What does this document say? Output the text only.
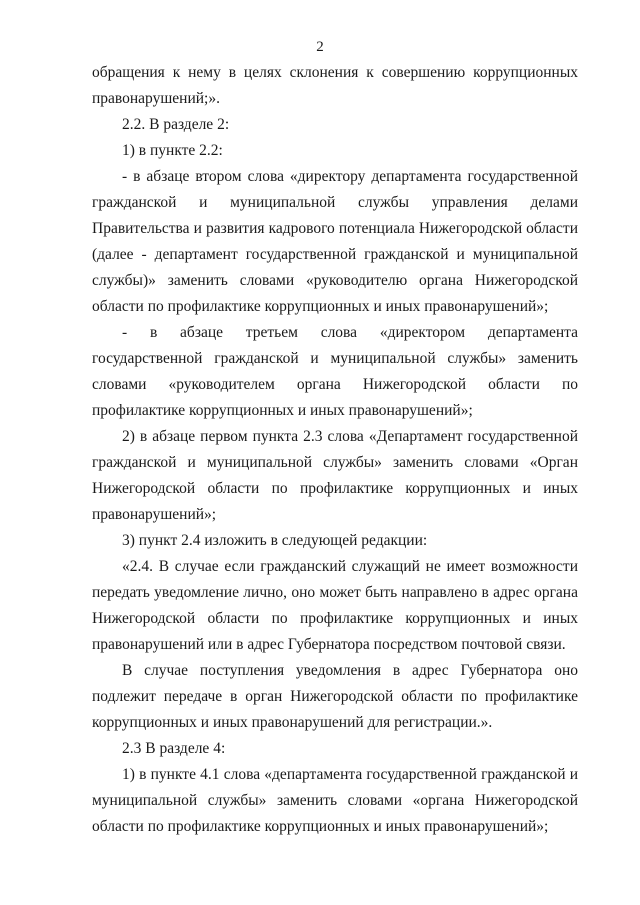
2

обращения к нему в целях склонения к совершению коррупционных правонарушений;».

2.2. В разделе 2:

1) в пункте 2.2:

- в абзаце втором слова «директору департамента государственной гражданской и муниципальной службы управления делами Правительства и развития кадрового потенциала Нижегородской области (далее - департамент государственной гражданской и муниципальной службы)» заменить словами «руководителю органа Нижегородской области по профилактике коррупционных и иных правонарушений»;

- в абзаце третьем слова «директором департамента государственной гражданской и муниципальной службы» заменить словами «руководителем органа Нижегородской области по профилактике коррупционных и иных правонарушений»;

2) в абзаце первом пункта 2.3 слова «Департамент государственной гражданской и муниципальной службы» заменить словами «Орган Нижегородской области по профилактике коррупционных и иных правонарушений»;

3) пункт 2.4 изложить в следующей редакции:

«2.4. В случае если гражданский служащий не имеет возможности передать уведомление лично, оно может быть направлено в адрес органа Нижегородской области по профилактике коррупционных и иных правонарушений или в адрес Губернатора посредством почтовой связи.

В случае поступления уведомления в адрес Губернатора оно подлежит передаче в орган Нижегородской области по профилактике коррупционных и иных правонарушений для регистрации.».

2.3 В разделе 4:

1) в пункте 4.1 слова «департамента государственной гражданской и муниципальной службы» заменить словами «органа Нижегородской области по профилактике коррупционных и иных правонарушений»;
